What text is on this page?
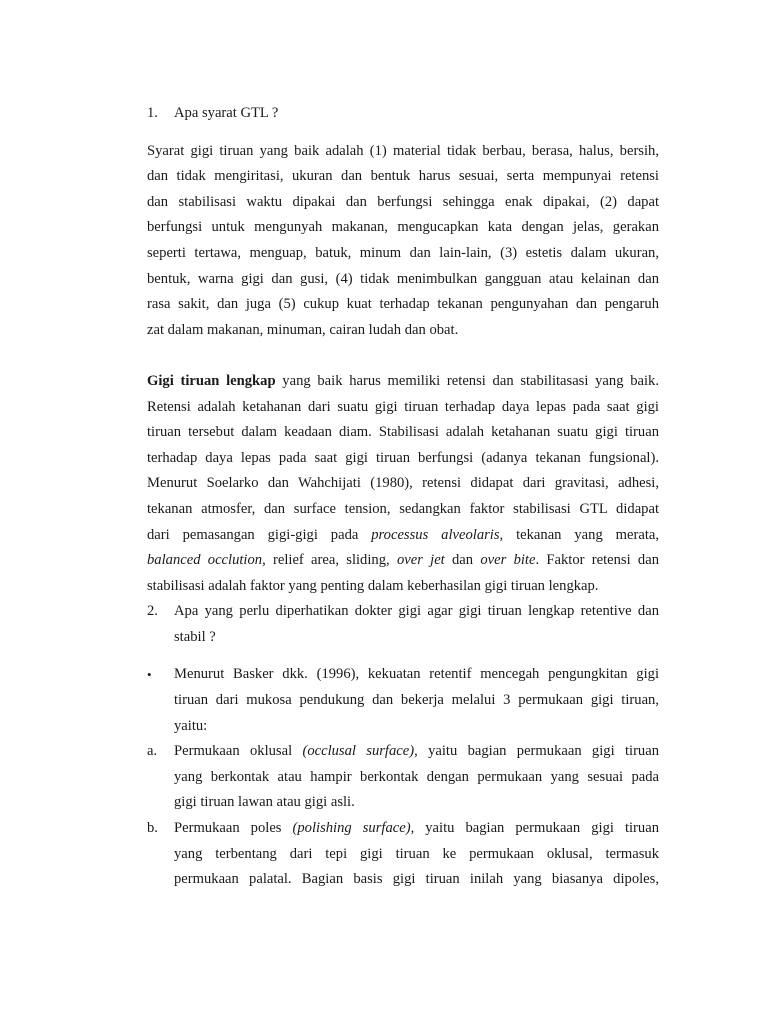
1.	Apa syarat GTL ?
Syarat gigi tiruan yang baik adalah (1) material tidak berbau, berasa, halus, bersih,
dan tidak mengiritasi, ukuran dan bentuk harus sesuai, serta mempunyai retensi
dan stabilisasi waktu dipakai dan berfungsi sehingga enak dipakai, (2) dapat
berfungsi untuk mengunyah makanan, mengucapkan kata dengan jelas, gerakan
seperti tertawa, menguap, batuk, minum dan lain-lain, (3) estetis dalam ukuran,
bentuk, warna gigi dan gusi, (4) tidak menimbulkan gangguan atau kelainan dan
rasa sakit, dan juga (5) cukup kuat terhadap tekanan pengunyahan dan pengaruh
zat dalam makanan, minuman, cairan ludah dan obat.
Gigi tiruan lengkap yang baik harus memiliki retensi dan stabilitasasi yang baik.
Retensi adalah ketahanan dari suatu gigi tiruan terhadap daya lepas pada saat gigi
tiruan tersebut dalam keadaan diam. Stabilisasi adalah ketahanan suatu gigi tiruan
terhadap daya lepas pada saat gigi tiruan berfungsi (adanya tekanan fungsional).
Menurut Soelarko dan Wahchijati (1980), retensi didapat dari gravitasi, adhesi,
tekanan atmosfer, dan surface tension, sedangkan faktor stabilisasi GTL didapat
dari pemasangan gigi-gigi pada processus alveolaris, tekanan yang merata,
balanced occlution, relief area, sliding, over jet dan over bite. Faktor retensi dan
stabilisasi adalah faktor yang penting dalam keberhasilan gigi tiruan lengkap.
2.	Apa yang perlu diperhatikan dokter gigi agar gigi tiruan lengkap retentive dan
stabil ?
•	Menurut Basker dkk. (1996), kekuatan retentif mencegah pengungkitan gigi
tiruan dari mukosa pendukung dan bekerja melalui 3 permukaan gigi tiruan,
yaitu:
a.	Permukaan oklusal (occlusal surface), yaitu bagian permukaan gigi tiruan
yang berkontak atau hampir berkontak dengan permukaan yang sesuai pada
gigi tiruan lawan atau gigi asli.
b.	Permukaan poles (polishing surface), yaitu bagian permukaan gigi tiruan
yang terbentang dari tepi gigi tiruan ke permukaan oklusal, termasuk
permukaan palatal. Bagian basis gigi tiruan inilah yang biasanya dipoles,
